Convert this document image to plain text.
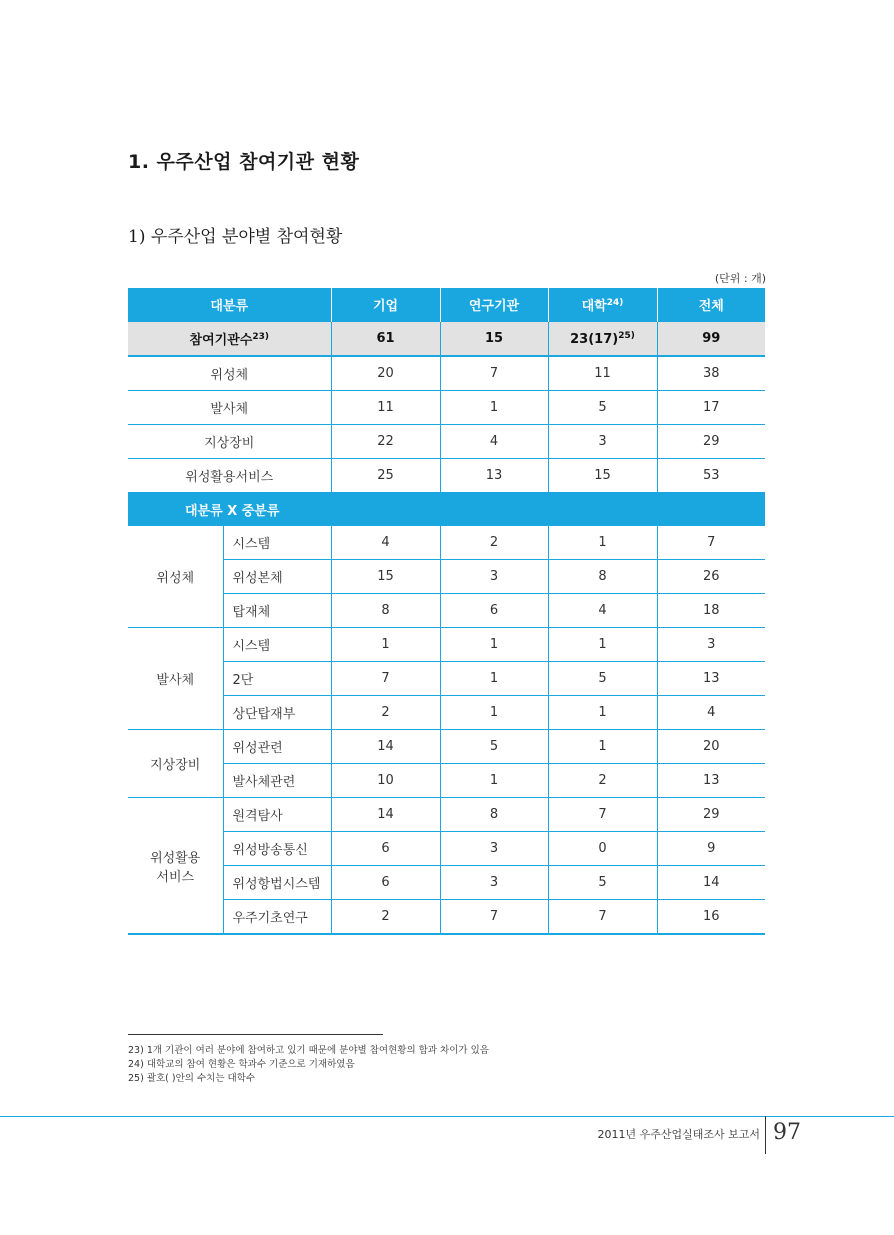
1. 우주산업 참여기관 현황
1) 우주산업 분야별 참여현황
(단위 : 개)
대분류		기업	연구기관	대학$^{24)}$	전체
참여기관수$^{23)}$		61	15	$23(17)^{25)}$	99
위성체		20	7	11	38
발사체		11	1	5	17
지상장비		22	4	3	29
위성활용서비스		25	13	15	53
대분류 X 중분류					
위성체	시스템	4	2	1	7
	위성본체	15	3	8	26
	탑재체	8	6	4	18
발사체	시스템	1	1	1	3
	2단	7	1	5	13
	상단탑재부	2	1	1	4
지상장비	위성관련	14	5	1	20
	발사체관련	10	1	2	13

위성활용
서비스	원격탐사	14	8	7	29
	위성방송통신	6	3	0	9
	위성항법시스템	6	3	5	14
	우주기초연구	2	7	7	16
23) 1개 기관이 여러 분야에 참여하고 있기 때문에 분야별 참여현황의 합과 차이가 있음
24) 대학교의 참여 현황은 학과수 기준으로 기재하였음
25) 괄호( )안의 수치는 대학수
2011년 우주산업실태조사 보고서 97
